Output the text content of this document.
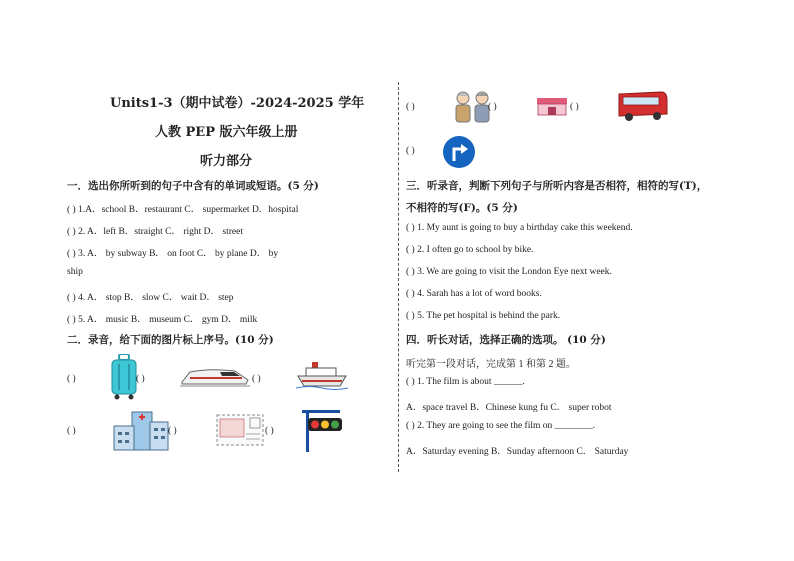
Units1-3（期中试卷）-2024-2025 学年
人教 PEP 版六年级上册
听力部分
一．选出你所听到的句子中含有的单词或短语。(5 分)
( ) 1.A．school B．restaurant C． supermarket D．hospital
( ) 2. A．left B．straight C． right D． street
( ) 3. A． by subway B． on foot C． by plane D． by
ship
( ) 4. A． stop B． slow C． wait D． step
( ) 5. A． music B． museum C． gym D． milk
二．录音，给下面的图片标上序号。(10 分)
( )	( )	( )
( )	( )	( )
( )	( )	( )
( )
三．听录音，判断下列句子与所听内容是否相符，相符的写(T)，
不相符的写(F)。(5 分)
( ) 1. My aunt is going to buy a birthday cake this weekend.
( ) 2. I often go to school by bike.
( ) 3. We are going to visit the London Eye next week.
( ) 4. Sarah has a lot of word books.
( ) 5. The pet hospital is behind the park.
四．听长对话，选择正确的选项。 (10 分)
听完第一段对话，完成第 1 和第 2 题。
( ) 1. The film is about ______.
A．space travel B．Chinese kung fu C． super robot
( ) 2. They are going to see the film on ________.
A．Saturday evening B．Sunday afternoon C． Saturday
